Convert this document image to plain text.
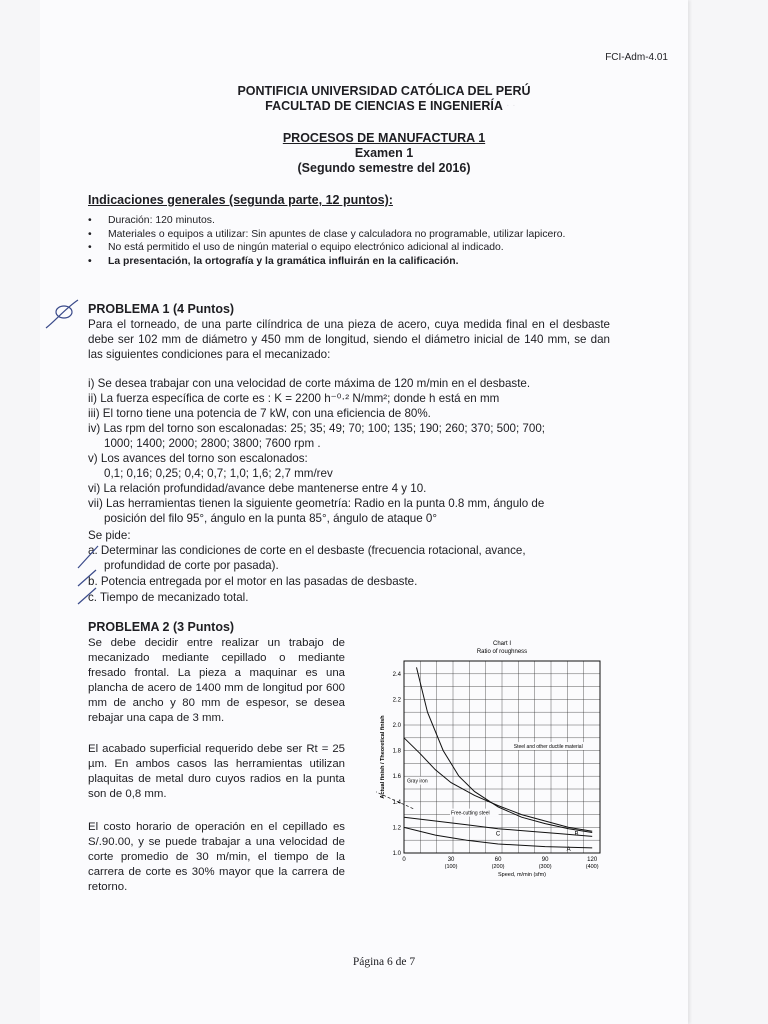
· · ·
FCI-Adm-4.01
PONTIFICIA UNIVERSIDAD CATÓLICA DEL PERÚ
FACULTAD DE CIENCIAS E INGENIERÍA
PROCESOS DE MANUFACTURA 1
Examen 1
(Segundo semestre del 2016)
Indicaciones generales (segunda parte, 12 puntos):
• Duración: 120 minutos.
• Materiales o equipos a utilizar: Sin apuntes de clase y calculadora no programable, utilizar lapicero.
• No está permitido el uso de ningún material o equipo electrónico adicional al indicado.
• La presentación, la ortografía y la gramática influirán en la calificación.
PROBLEMA 1 (4 Puntos)
Para el torneado, de una parte cilíndrica de una pieza de acero, cuya medida final en el desbaste debe ser 102 mm de diámetro y 450 mm de longitud, siendo el diámetro inicial de 140 mm, se dan las siguientes condiciones para el mecanizado:
i) Se desea trabajar con una velocidad de corte máxima de 120 m/min en el desbaste.
ii) La fuerza específica de corte es : K = 2200 h⁻⁰·² N/mm²; donde h está en mm
iii) El torno tiene una potencia de 7 kW, con una eficiencia de 80%.
iv) Las rpm del torno son escalonadas: 25; 35; 49; 70; 100; 135; 190; 260; 370; 500; 700;
1000; 1400; 2000; 2800; 3800; 7600 rpm .
v) Los avances del torno son escalonados:
0,1; 0,16; 0,25; 0,4; 0,7; 1,0; 1,6; 2,7 mm/rev
vi) La relación profundidad/avance debe mantenerse entre 4 y 10.
vii) Las herramientas tienen la siguiente geometría: Radio en la punta 0.8 mm, ángulo de
posición del filo 95°, ángulo en la punta 85°, ángulo de ataque 0°
Se pide:
a. Determinar las condiciones de corte en el desbaste (frecuencia rotacional, avance,
profundidad de corte por pasada).
b. Potencia entregada por el motor en las pasadas de desbaste.
c. Tiempo de mecanizado total.
PROBLEMA 2 (3 Puntos)
Se debe decidir entre realizar un trabajo de mecanizado mediante cepillado o mediante fresado frontal. La pieza a maquinar es una plancha de acero de 1400 mm de longitud por 600 mm de ancho y 80 mm de espesor, se desea rebajar una capa de 3 mm.
El acabado superficial requerido debe ser Rt = 25 µm. En ambos casos las herramientas utilizan plaquitas de metal duro cuyos radios en la punta son de 0,8 mm.
El costo horario de operación en el cepillado es S/.90.00, y se puede trabajar a una velocidad de corte promedio de 30 m/min, el tiempo de la carrera de corte es 30% mayor que la carrera de retorno.
Chart I
Ratio of roughness
1.0
1.2
1.4
1.6
1.8
2.0
2.2
2.4
0	30	60	90	120
(100)	(200)	(300)	(400)
Speed, m/min (sfm)
Actual finish / Theoretical finish
A
B
C
Steel and other ductile material
Gray iron
Free-cutting steel
Página 6 de 7
